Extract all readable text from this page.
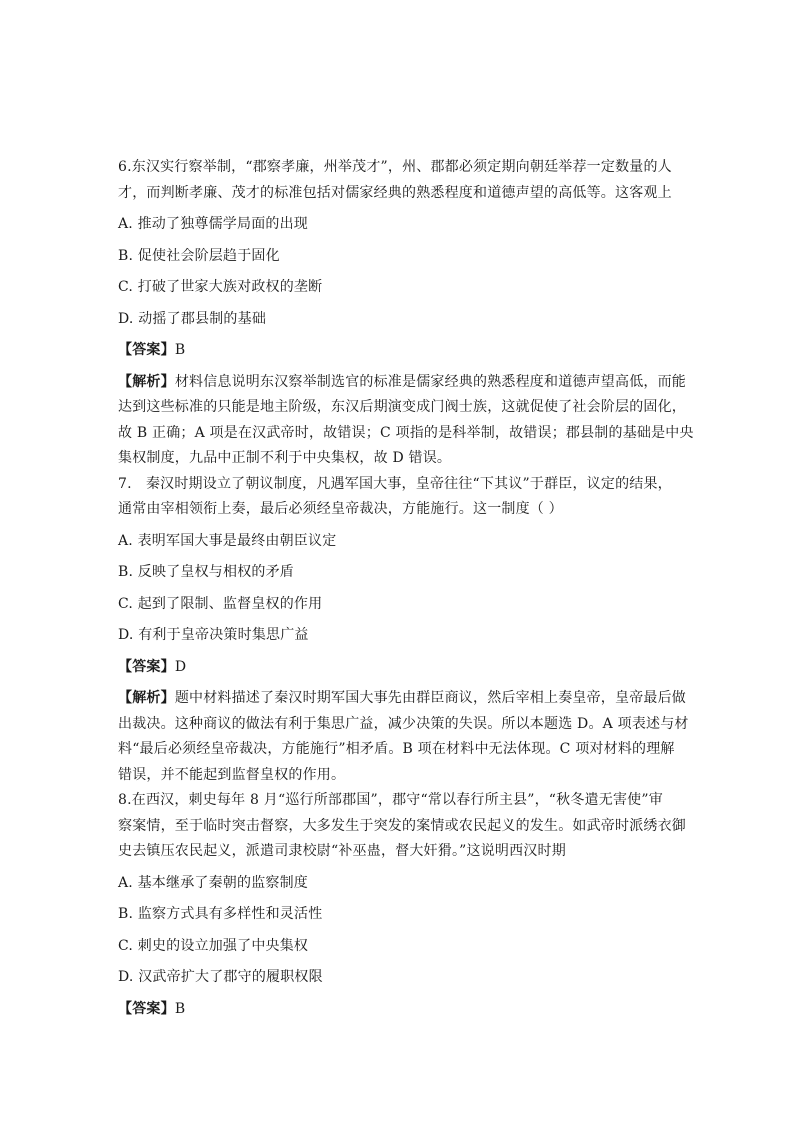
6.东汉实行察举制，“郡察孝廉，州举茂才”，州、郡都必须定期向朝廷举荐一定数量的人
才，而判断孝廉、茂才的标准包括对儒家经典的熟悉程度和道德声望的高低等。这客观上
A. 推动了独尊儒学局面的出现
B. 促使社会阶层趋于固化
C. 打破了世家大族对政权的垄断
D. 动摇了郡县制的基础
【答案】B
【解析】材料信息说明东汉察举制选官的标准是儒家经典的熟悉程度和道德声望高低，而能
达到这些标准的只能是地主阶级，东汉后期演变成门阀士族，这就促使了社会阶层的固化，
故 B 正确；A 项是在汉武帝时，故错误；C 项指的是科举制，故错误；郡县制的基础是中央
集权制度，九品中正制不利于中央集权，故 D 错误。
7.　秦汉时期设立了朝议制度，凡遇军国大事，皇帝往往“下其议”于群臣，议定的结果，
通常由宰相领衔上奏，最后必须经皇帝裁决，方能施行。这一制度（ ）
A. 表明军国大事是最终由朝臣议定
B. 反映了皇权与相权的矛盾
C. 起到了限制、监督皇权的作用
D. 有利于皇帝决策时集思广益
【答案】D
【解析】题中材料描述了秦汉时期军国大事先由群臣商议，然后宰相上奏皇帝，皇帝最后做
出裁决。这种商议的做法有利于集思广益，减少决策的失误。所以本题选 D。A 项表述与材
料“最后必须经皇帝裁决，方能施行”相矛盾。B 项在材料中无法体现。C 项对材料的理解
错误，并不能起到监督皇权的作用。
8.在西汉，刺史每年 8 月“巡行所部郡国”，郡守“常以春行所主县”，“秋冬遣无害使”审
察案情，至于临时突击督察，大多发生于突发的案情或农民起义的发生。如武帝时派绣衣御
史去镇压农民起义，派遣司隶校尉“补巫蛊，督大奸猾。”这说明西汉时期
A. 基本继承了秦朝的监察制度
B. 监察方式具有多样性和灵活性
C. 刺史的设立加强了中央集权
D. 汉武帝扩大了郡守的履职权限
【答案】B
